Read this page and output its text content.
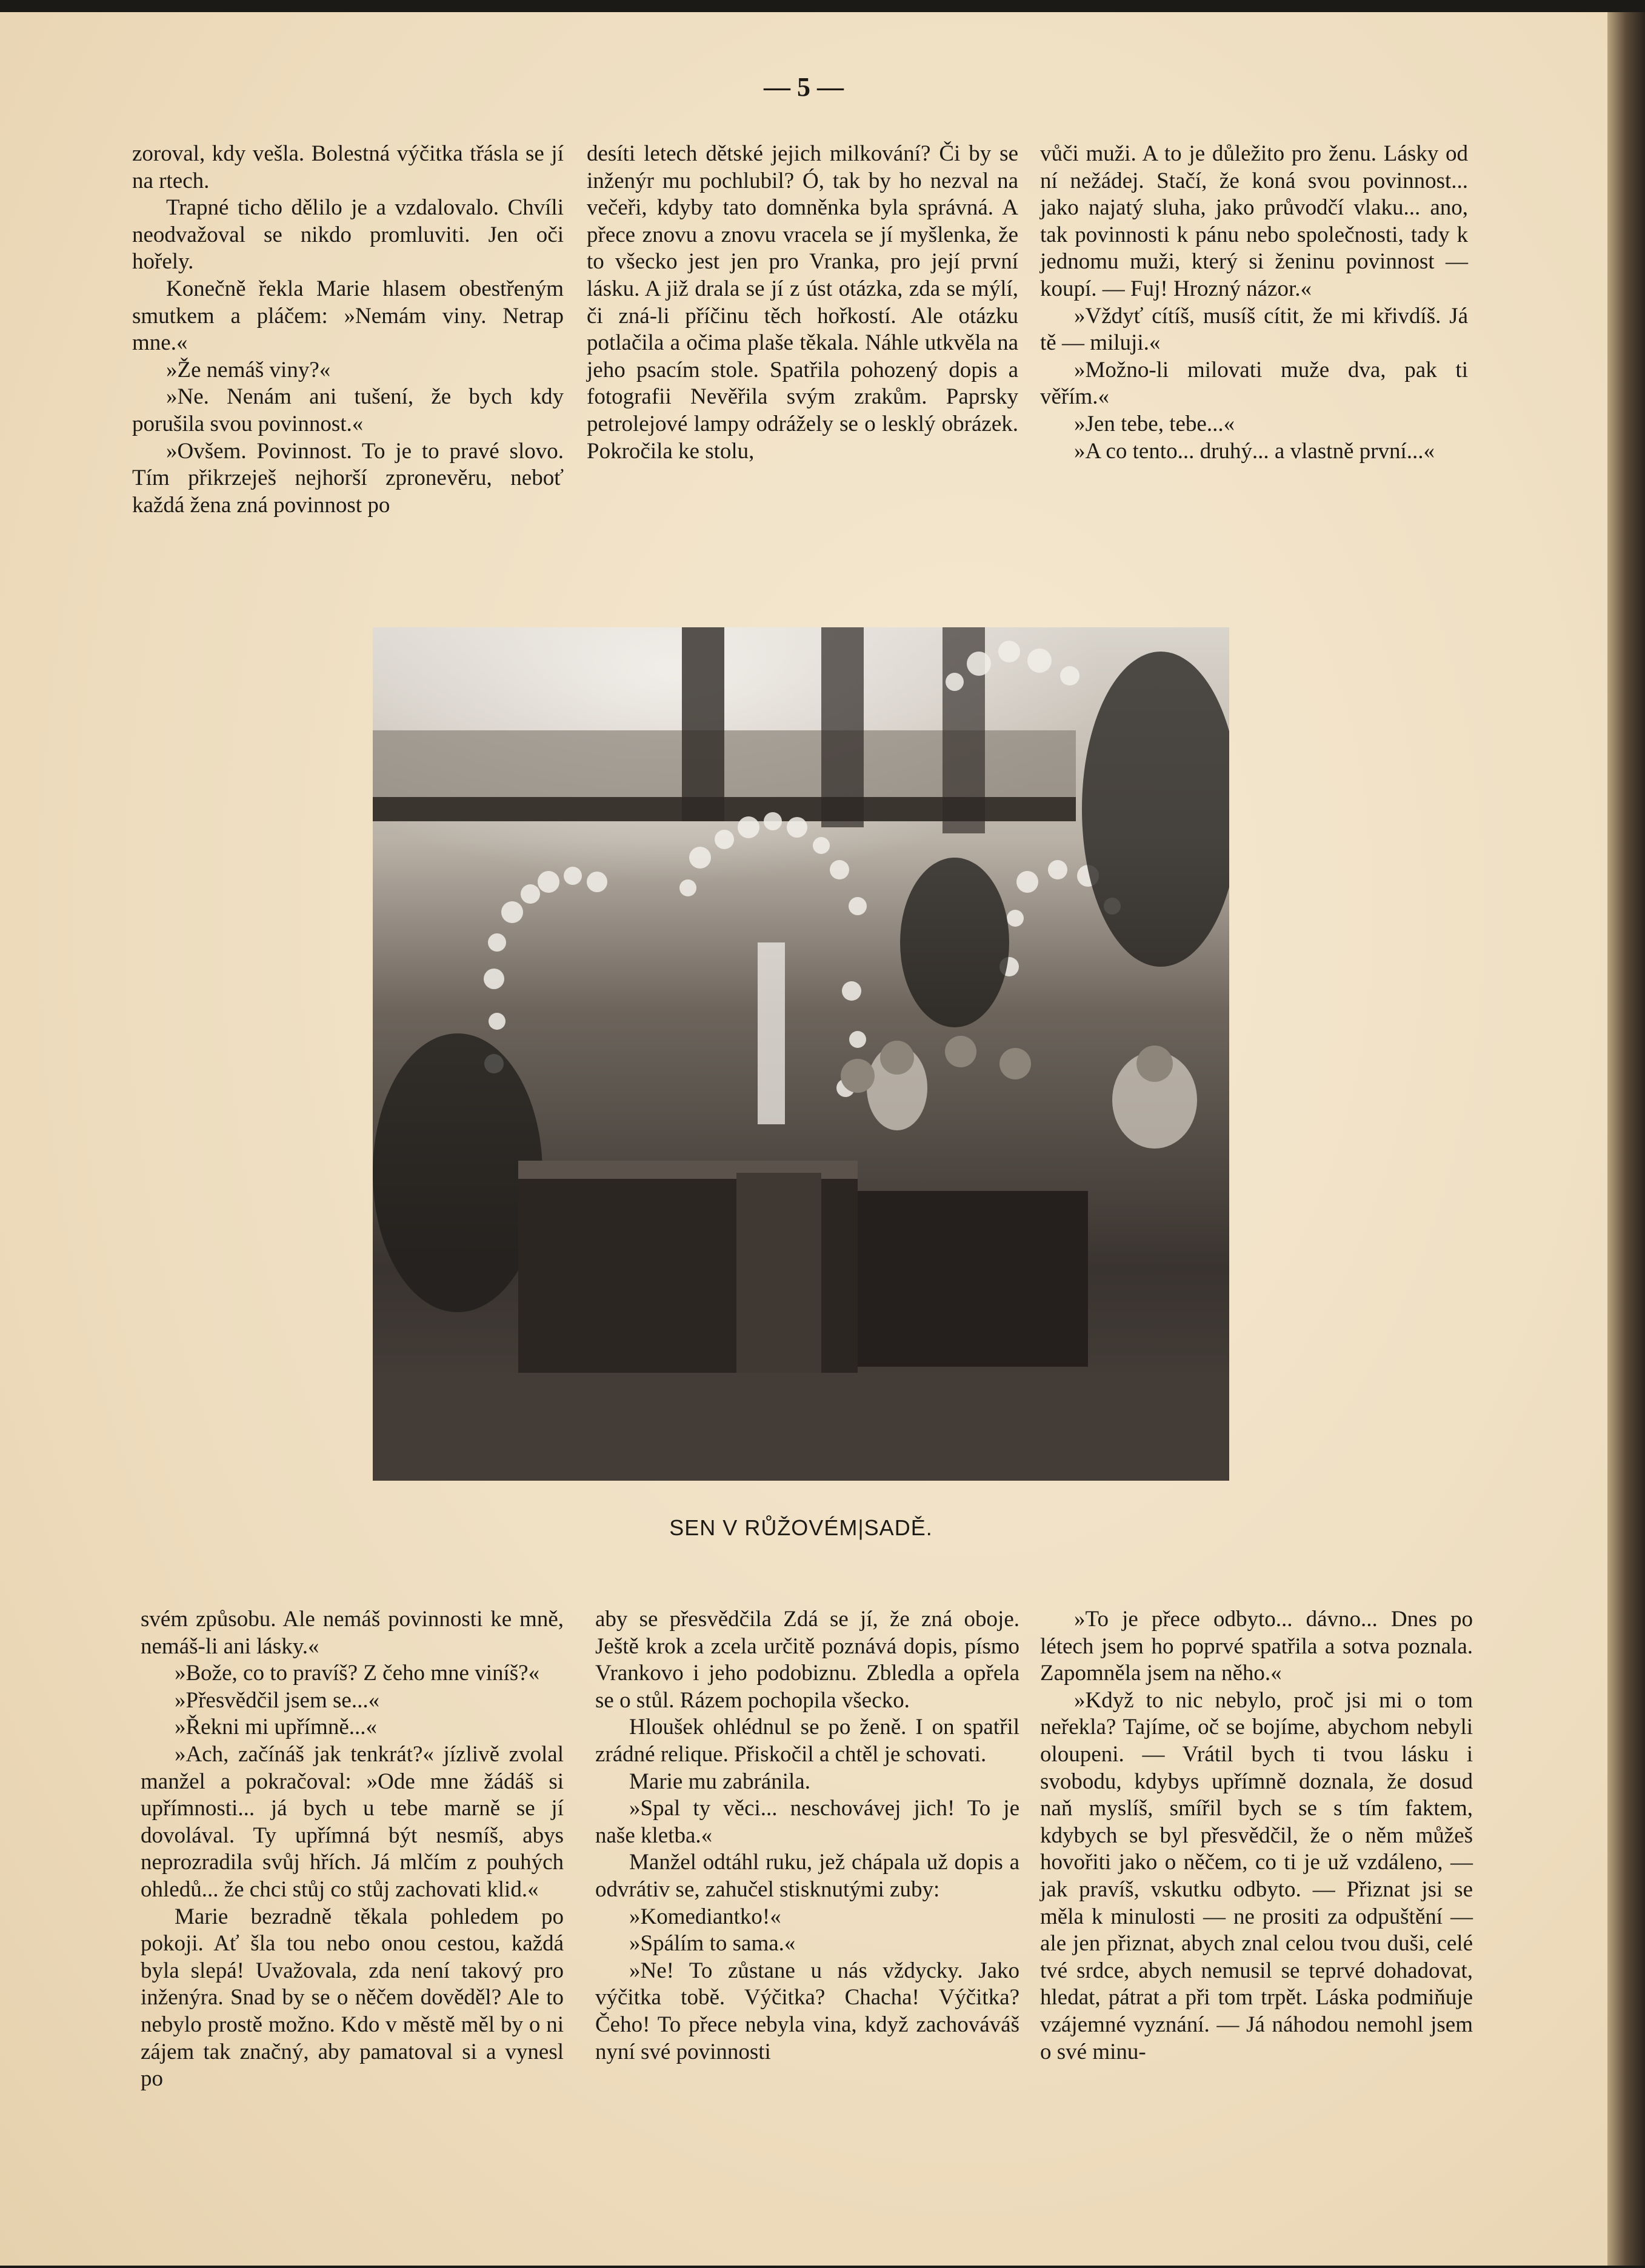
— 5 —

zoroval, kdy vešla. Bolestná výčitka třásla se jí na rtech.

Trapné ticho dělilo je a vzdalovalo. Chvíli neodvažoval se nikdo promluviti. Jen oči hořely.

Konečně řekla Marie hlasem obestřeným smutkem a pláčem: »Nemám viny. Netrap mne.«

»Že nemáš viny?«

»Ne. Nenám ani tušení, že bych kdy porušila svou povinnost.«

»Ovšem. Povinnost. To je to pravé slovo. Tím přikrzeješ nejhorší zpronevěru, neboť každá žena zná povinnost po

desíti letech dětské jejich milkování? Či by se inženýr mu pochlubil? Ó, tak by ho nezval na večeři, kdyby tato domněnka byla správná. A přece znovu a znovu vracela se jí myšlenka, že to všecko jest jen pro Vranka, pro její první lásku. A již drala se jí z úst otázka, zda se mýlí, či zná-li příčinu těch hořkostí. Ale otázku potlačila a očima plaše těkala. Náhle utkvěla na jeho psacím stole. Spatřila pohozený dopis a fotografii Nevěřila svým zrakům. Paprsky petrolejové lampy odrážely se o lesklý obrázek. Pokročila ke stolu,

vůči muži. A to je důležito pro ženu. Lásky od ní nežádej. Stačí, že koná svou povinnost... jako najatý sluha, jako průvodčí vlaku... ano, tak povinnosti k pánu nebo společnosti, tady k jednomu muži, který si ženinu povinnost — koupí. — Fuj! Hrozný názor.«

»Vždyť cítíš, musíš cítit, že mi křivdíš. Já tě — miluji.«

»Možno-li milovati muže dva, pak ti věřím.«

»Jen tebe, tebe...«

»A co tento... druhý... a vlastně první...«

SEN V RŮŽOVÉM|SADĚ.

svém způsobu. Ale nemáš povinnosti ke mně, nemáš-li ani lásky.«

»Bože, co to pravíš? Z čeho mne viníš?«

»Přesvědčil jsem se...«

»Řekni mi upřímně...«

»Ach, začínáš jak tenkrát?« jízlivě zvolal manžel a pokračoval: »Ode mne žádáš si upřímnosti... já bych u tebe marně se jí dovolával. Ty upřímná být nesmíš, abys neprozradila svůj hřích. Já mlčím z pouhých ohledů... že chci stůj co stůj zachovati klid.«

Marie bezradně těkala pohledem po pokoji. Ať šla tou nebo onou cestou, každá byla slepá! Uvažovala, zda není takový pro inženýra. Snad by se o něčem dověděl? Ale to nebylo prostě možno. Kdo v městě měl by o ni zájem tak značný, aby pamatoval si a vynesl po

aby se přesvědčila Zdá se jí, že zná oboje. Ještě krok a zcela určitě poznává dopis, písmo Vrankovo i jeho podobiznu. Zbledla a opřela se o stůl. Rázem pochopila všecko.

Hloušek ohlédnul se po ženě. I on spatřil zrádné relique. Přiskočil a chtěl je schovati.

Marie mu zabránila.

»Spal ty věci... neschovávej jich! To je naše kletba.«

Manžel odtáhl ruku, jež chápala už dopis a odvrátiv se, zahučel stisknutými zuby:

»Komediantko!«

»Spálím to sama.«

»Ne! To zůstane u nás vždycky. Jako výčitka tobě. Výčitka? Chacha! Výčitka? Čeho! To přece nebyla vina, když zachováváš nyní své povinnosti

»To je přece odbyto... dávno... Dnes po létech jsem ho poprvé spatřila a sotva poznala. Zapomněla jsem na něho.«

»Když to nic nebylo, proč jsi mi o tom neřekla? Tajíme, oč se bojíme, abychom nebyli oloupeni. — Vrátil bych ti tvou lásku i svobodu, kdybys upřímně doznala, že dosud naň myslíš, smířil bych se s tím faktem, kdybych se byl přesvědčil, že o něm můžeš hovořiti jako o něčem, co ti je už vzdáleno, — jak pravíš, vskutku odbyto. — Přiznat jsi se měla k minulosti — ne prositi za odpuštění — ale jen přiznat, abych znal celou tvou duši, celé tvé srdce, abych nemusil se teprvé dohadovat, hledat, pátrat a při tom trpět. Láska podmiňuje vzájemné vyznání. — Já náhodou nemohl jsem o své minu-
